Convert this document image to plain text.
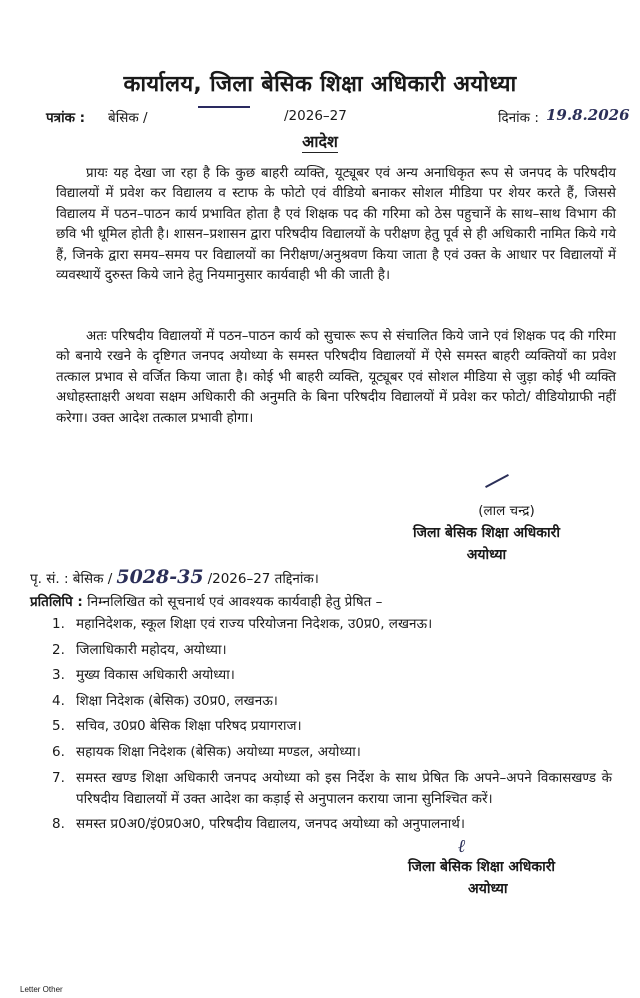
कार्यालय, जिला बेसिक शिक्षा अधिकारी अयोध्या
पत्रांक : बेसिक /	/2026–27	दिनांक : 19.8.2026
आदेश

प्रायः यह देखा जा रहा है कि कुछ बाहरी व्यक्ति, यूट्यूबर एवं अन्य अनाधिकृत रूप से जनपद के परिषदीय विद्यालयों में प्रवेश कर विद्यालय व स्टाफ के फोटो एवं वीडियो बनाकर सोशल मीडिया पर शेयर करते हैं, जिससे विद्यालय में पठन–पाठन कार्य प्रभावित होता है एवं शिक्षक पद की गरिमा को ठेस पहुचानें के साथ–साथ विभाग की छवि भी धूमिल होती है। शासन–प्रशासन द्वारा परिषदीय विद्यालयों के परीक्षण हेतु पूर्व से ही अधिकारी नामित किये गये हैं, जिनके द्वारा समय–समय पर विद्यालयों का निरीक्षण/अनुश्रवण किया जाता है एवं उक्त के आधार पर विद्यालयों में व्यवस्थायें दुरुस्त किये जाने हेतु नियमानुसार कार्यवाही भी की जाती है।

अतः परिषदीय विद्यालयों में पठन–पाठन कार्य को सुचारू रूप से संचालित किये जाने एवं शिक्षक पद की गरिमा को बनाये रखने के दृष्टिगत जनपद अयोध्या के समस्त परिषदीय विद्यालयों में ऐसे समस्त बाहरी व्यक्तियों का प्रवेश तत्काल प्रभाव से वर्जित किया जाता है। कोई भी बाहरी व्यक्ति, यूट्यूबर एवं सोशल मीडिया से जुड़ा कोई भी व्यक्ति अधोहस्ताक्षरी अथवा सक्षम अधिकारी की अनुमति के बिना परिषदीय विद्यालयों में प्रवेश कर फोटो/ वीडियोग्राफी नहीं करेगा। उक्त आदेश तत्काल प्रभावी होगा।

(लाल चन्द्र)
जिला बेसिक शिक्षा अधिकारी
अयोध्या
पृ. सं. : बेसिक / 5028-35 /2026–27 तद्दिनांक।
प्रतिलिपि : निम्नलिखित को सूचनार्थ एवं आवश्यक कार्यवाही हेतु प्रेषित –
1. महानिदेशक, स्कूल शिक्षा एवं राज्य परियोजना निदेशक, उ0प्र0, लखनऊ।
2. जिलाधिकारी महोदय, अयोध्या।
3. मुख्य विकास अधिकारी अयोध्या।
4. शिक्षा निदेशक (बेसिक) उ0प्र0, लखनऊ।
5. सचिव, उ0प्र0 बेसिक शिक्षा परिषद प्रयागराज।
6. सहायक शिक्षा निदेशक (बेसिक) अयोध्या मण्डल, अयोध्या।
7. समस्त खण्ड शिक्षा अधिकारी जनपद अयोध्या को इस निर्देश के साथ प्रेषित कि अपने–अपने विकासखण्ड के परिषदीय विद्यालयों में उक्त आदेश का कड़ाई से अनुपालन कराया जाना सुनिश्चित करें।
8. समस्त प्र0अ0/इं0प्र0अ0, परिषदीय विद्यालय, जनपद अयोध्या को अनुपालनार्थ।
ℓ
जिला बेसिक शिक्षा अधिकारी
अयोध्या
Letter Other
